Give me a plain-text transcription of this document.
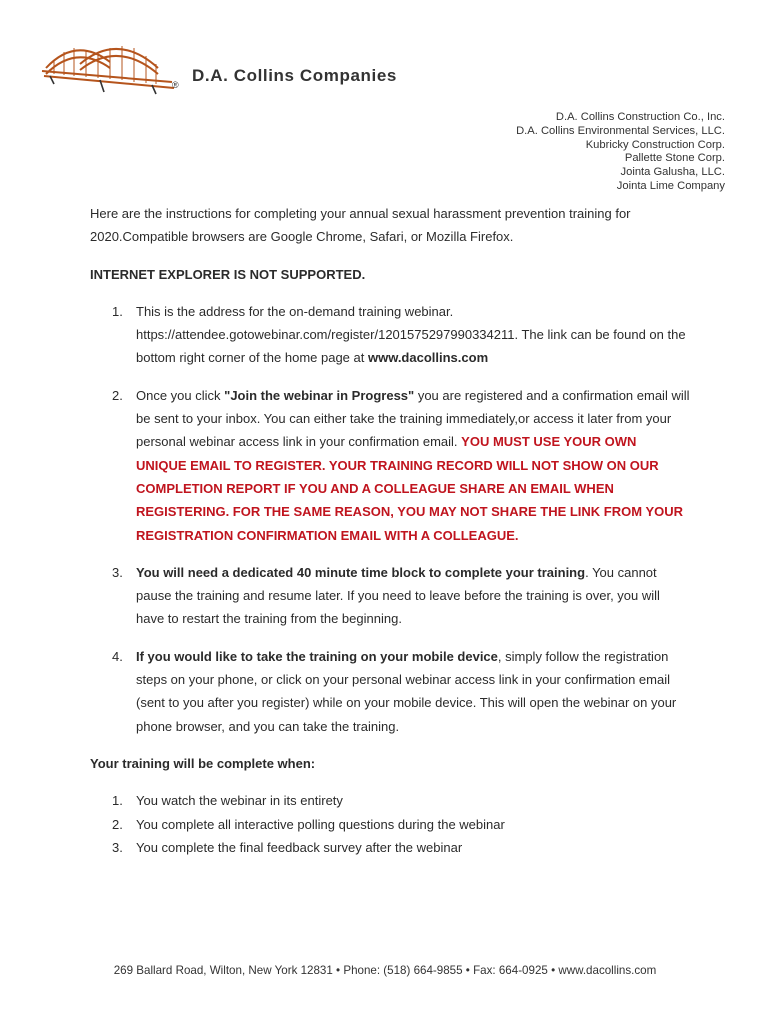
D.A. Collins Companies
®
D.A. Collins Construction Co., Inc.
D.A. Collins Environmental Services, LLC.
Kubricky Construction Corp.
Pallette Stone Corp.
Jointa Galusha, LLC.
Jointa Lime Company

Here are the instructions for completing your annual sexual harassment prevention training for 2020.Compatible browsers are Google Chrome, Safari, or Mozilla Firefox.

INTERNET EXPLORER IS NOT SUPPORTED.

1. This is the address for the on-demand training webinar.
https://attendee.gotowebinar.com/register/1201575297990334211. The link can be found on the bottom right corner of the home page at www.dacollins.com
2. Once you click "Join the webinar in Progress" you are registered and a confirmation email will be sent to your inbox. You can either take the training immediately,or access it later from your personal webinar access link in your confirmation email. YOU MUST USE YOUR OWN UNIQUE EMAIL TO REGISTER. YOUR TRAINING RECORD WILL NOT SHOW ON OUR COMPLETION REPORT IF YOU AND A COLLEAGUE SHARE AN EMAIL WHEN REGISTERING. FOR THE SAME REASON, YOU MAY NOT SHARE THE LINK FROM YOUR REGISTRATION CONFIRMATION EMAIL WITH A COLLEAGUE.
3. You will need a dedicated 40 minute time block to complete your training. You cannot pause the training and resume later. If you need to leave before the training is over, you will have to restart the training from the beginning.
4. If you would like to take the training on your mobile device, simply follow the registration steps on your phone, or click on your personal webinar access link in your confirmation email (sent to you after you register) while on your mobile device. This will open the webinar on your phone browser, and you can take the training.

Your training will be complete when:

1. You watch the webinar in its entirety
2. You complete all interactive polling questions during the webinar
3. You complete the final feedback survey after the webinar
269 Ballard Road, Wilton, New York 12831 • Phone: (518) 664-9855 • Fax: 664-0925 • www.dacollins.com
